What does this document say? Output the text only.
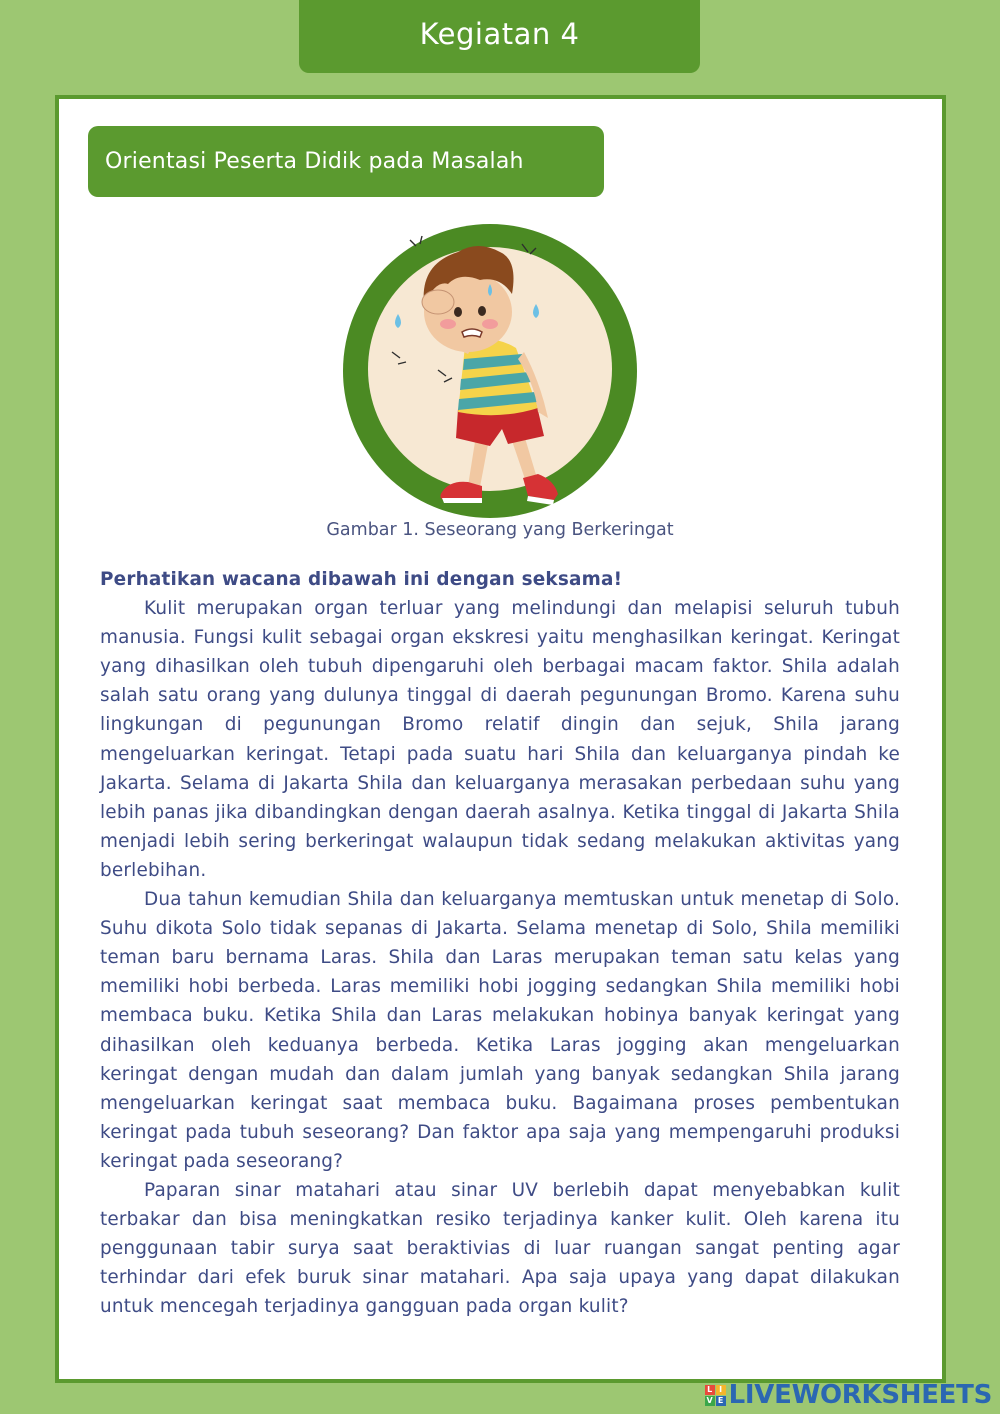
Kegiatan 4
Orientasi Peserta Didik pada Masalah
Gambar 1. Seseorang yang Berkeringat

Perhatikan wacana dibawah ini dengan seksama!

Kulit merupakan organ terluar yang melindungi dan melapisi seluruh tubuh manusia. Fungsi kulit sebagai organ ekskresi yaitu menghasilkan keringat. Keringat yang dihasilkan oleh tubuh dipengaruhi oleh berbagai macam faktor. Shila adalah salah satu orang yang dulunya tinggal di daerah pegunungan Bromo. Karena suhu lingkungan di pegunungan Bromo relatif dingin dan sejuk, Shila jarang mengeluarkan keringat. Tetapi pada suatu hari Shila dan keluarganya pindah ke Jakarta. Selama di Jakarta Shila dan keluarganya merasakan perbedaan suhu yang lebih panas jika dibandingkan dengan daerah asalnya. Ketika tinggal di Jakarta Shila menjadi lebih sering berkeringat walaupun tidak sedang melakukan aktivitas yang berlebihan.

Dua tahun kemudian Shila dan keluarganya memtuskan untuk menetap di Solo. Suhu dikota Solo tidak sepanas di Jakarta. Selama menetap di Solo, Shila memiliki teman baru bernama Laras. Shila dan Laras merupakan teman satu kelas yang memiliki hobi berbeda. Laras memiliki hobi jogging sedangkan Shila memiliki hobi membaca buku. Ketika Shila dan Laras melakukan hobinya banyak keringat yang dihasilkan oleh keduanya berbeda. Ketika Laras jogging akan mengeluarkan keringat dengan mudah dan dalam jumlah yang banyak sedangkan Shila jarang mengeluarkan keringat saat membaca buku. Bagaimana proses pembentukan keringat pada tubuh seseorang? Dan faktor apa saja yang mempengaruhi produksi keringat pada seseorang?

Paparan sinar matahari atau sinar UV berlebih dapat menyebabkan kulit terbakar dan bisa meningkatkan resiko terjadinya kanker kulit. Oleh karena itu penggunaan tabir surya saat beraktivias di luar ruangan sangat penting agar terhindar dari efek buruk sinar matahari. Apa saja upaya yang dapat dilakukan untuk mencegah terjadinya gangguan pada organ kulit?

L I
V E LIVEWORKSHEETS
